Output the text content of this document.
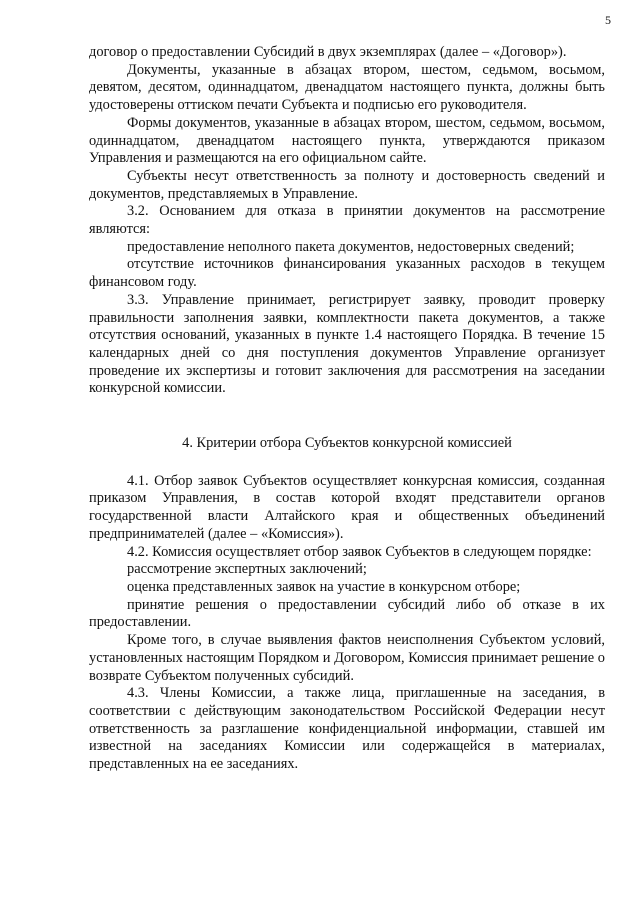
5

договор о предоставлении Субсидий в двух экземплярах (далее – «Договор»).

Документы, указанные в абзацах втором, шестом, седьмом, восьмом, девятом, десятом, одиннадцатом, двенадцатом настоящего пункта, должны быть удостоверены оттиском печати Субъекта и подписью его руководителя.

Формы документов, указанные в абзацах втором, шестом, седьмом, восьмом, одиннадцатом, двенадцатом настоящего пункта, утверждаются приказом Управления и размещаются на его официальном сайте.

Субъекты несут ответственность за полноту и достоверность сведений и документов, представляемых в Управление.

3.2. Основанием для отказа в принятии документов на рассмотрение являются:

предоставление неполного пакета документов, недостоверных сведений;

отсутствие источников финансирования указанных расходов в текущем финансовом году.

3.3. Управление принимает, регистрирует заявку, проводит проверку правильности заполнения заявки, комплектности пакета документов, а также отсутствия оснований, указанных в пункте 1.4 настоящего Порядка. В течение 15 календарных дней со дня поступления документов Управление организует проведение их экспертизы и готовит заключения для рассмотрения на заседании конкурсной комиссии.

4. Критерии отбора Субъектов конкурсной комиссией

4.1. Отбор заявок Субъектов осуществляет конкурсная комиссия, созданная приказом Управления, в состав которой входят представители органов государственной власти Алтайского края и общественных объединений предпринимателей (далее – «Комиссия»).

4.2. Комиссия осуществляет отбор заявок Субъектов в следующем порядке:

рассмотрение экспертных заключений;

оценка представленных заявок на участие в конкурсном отборе;

принятие решения о предоставлении субсидий либо об отказе в их предоставлении.

Кроме того, в случае выявления фактов неисполнения Субъектом условий, установленных настоящим Порядком и Договором, Комиссия принимает решение о возврате Субъектом полученных субсидий.

4.3. Члены Комиссии, а также лица, приглашенные на заседания, в соответствии с действующим законодательством Российской Федерации несут ответственность за разглашение конфиденциальной информации, ставшей им известной на заседаниях Комиссии или содержащейся в материалах, представленных на ее заседаниях.
